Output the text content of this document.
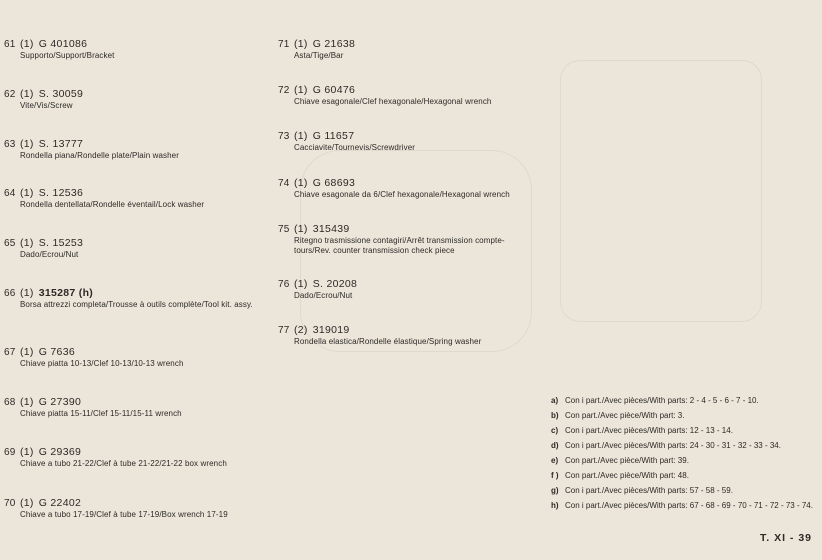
61 (1) G 401086
Supporto/Support/Bracket
62 (1) S. 30059
Vite/Vis/Screw
63 (1) S. 13777
Rondella piana/Rondelle plate/Plain washer
64 (1) S. 12536
Rondella dentellata/Rondelle éventail/Lock washer
65 (1) S. 15253
Dado/Ecrou/Nut
66 (1) 315287 (h)
Borsa attrezzi completa/Trousse à outils complète/Tool kit. assy.
67 (1) G 7636
Chiave piatta 10-13/Clef 10-13/10-13 wrench
68 (1) G 27390
Chiave piatta 15-11/Clef 15-11/15-11 wrench
69 (1) G 29369
Chiave a tubo 21-22/Clef à tube 21-22/21-22 box wrench
70 (1) G 22402
Chiave a tubo 17-19/Clef à tube 17-19/Box wrench 17-19
71 (1) G 21638
Asta/Tige/Bar
72 (1) G 60476
Chiave esagonale/Clef hexagonale/Hexagonal wrench
73 (1) G 11657
Cacciavite/Tournevis/Screwdriver
74 (1) G 68693
Chiave esagonale da 6/Clef hexagonale/Hexagonal wrench
75 (1) 315439
Ritegno trasmissione contagiri/Arrêt transmission compte-tours/Rev. counter transmission check piece
76 (1) S. 20208
Dado/Ecrou/Nut
77 (2) 319019
Rondella elastica/Rondelle élastique/Spring washer
a) Con i part./Avec pièces/With parts: 2 - 4 - 5 - 6 - 7 - 10.
b) Con part./Avec pièce/With part: 3.
c) Con i part./Avec pièces/With parts: 12 - 13 - 14.
d) Con i part./Avec pièces/With parts: 24 - 30 - 31 - 32 - 33 - 34.
e) Con part./Avec pièce/With part: 39.
f ) Con part./Avec pièce/With part: 48.
g) Con i part./Avec pièces/With parts: 57 - 58 - 59.
h) Con i part./Avec pièces/With parts: 67 - 68 - 69 - 70 - 71 - 72 - 73 - 74.
T. XI - 39
